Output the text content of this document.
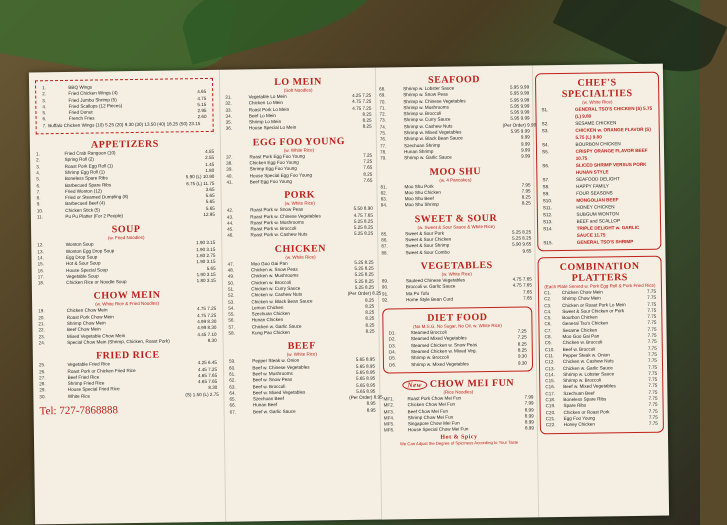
1.	BBQ Wings
2.	Fried Chicken Wings (4)	4.65
3.	Fried Jumbo Shrimp (5)	4.75
4.	Fried Scallops (12 Pieces)	5.15
5.	Fried Donut	2.95
6.	French Fries	2.60
7. Buffalo Chicken Wings (10) 5.25 (20) 9.30 (30) 13.50 (40) 18.25 (50) 23.15
APPETIZERS
1.	Fried Crab Rangoon (10)	4.55
2.	Spring Roll (2)	2.55
3.	Roast Pork Egg Roll (1)	1.45
4.	Shrimp Egg Roll (1)	1.80
5.	Boneless Spare Ribs	5.90 (L) 10.90
6.	Barbecued Spare Ribs	6.75 (L) 11.75
7.	Fried Wonton (12)	3.65
8.	Fried or Steamed Dumpling (8)	5.65
9.	Barbecued Beef (4)	5.65
10.	Chicken Stick (5)	5.65
11.	Pu Pu Platter (For 2 People)	12.95
SOUP
(w. Fried Noodles)
12.	Wonton Soup	1.90 3.15
13.	Wonton Egg Drop Soup	1.90 3.15
14.	Egg Drop Soup	1.60 2.75
15.	Hot & Sour Soup	1.90 3.15
16.	House Special Soup	5.65
17.	Vegetable Soup	1.90 3.15
18.	Chicken Rice or Noodle Soup	1.80 3.15
CHOW MEIN
(w. White Rice & Fried Noodles)
19.	Chicken Chow Mein	4.75 7.25
20.	Roast Pork Chow Mein	4.75 7.25
21.	Shrimp Chow Mein	4.99 8.30
22.	Beef Chow Mein	4.99 8.30
23.	Mixed Vegetable Chow Mein	4.45 7.10
24.	Special Chow Mein (Shrimp, Chicken, Roast Pork)	8.30
FRIED RICE
25.	Vegetable Fried Rice	4.25 6.45
26.	Roast Pork or Chicken Fried Rice	4.45 7.25
27.	Beef Fried Rice	4.65 7.65
28.	Shrimp Fried Rice	4.65 7.65
29.	House Special Fried Rice	8.30
30.	White Rice	(S) 1.50 (L) 2.75
Tel: 727-7868888
LO MEIN
(Soft Noodles)
31.	Vegetable Lo Mein	4.25 7.25
32.	Chicken Lo Mein	4.75 7.25
33.	Roast Pork Lo Mein	4.75 7.25
34.	Beef Lo Mein	8.25
35.	Shrimp Lo Mein	8.25
36.	House Special Lo Mein	8.25
EGG FOO YOUNG
(w. White Rice)
37.	Roast Pork Egg Foo Young	7.25
38.	Chicken Egg Foo Young	7.25
39.	Shrimp Egg Foo Young	7.65
40.	House Special Egg Foo Young	8.25
41.	Beef Egg Foo Young	7.65
PORK
(w. White Rice)
42.	Roast Pork w. Snow Peas	5.50 8.90
43.	Roast Pork w. Chinese Vegetables	4.75 7.65
44.	Roast Pork w. Mushrooms	5.25 8.25
45.	Roast Pork w. Broccoli	5.25 8.25
46.	Roast Pork w. Cashew Nuts	5.25 8.25
CHICKEN
(w. White Rice)
47.	Moo Goo Gai Pan	5.25 8.25
48.	Chicken w. Snow Peas	5.25 8.25
49.	Chicken w. Mushrooms	5.25 8.25
50.	Chicken w. Broccoli	5.25 8.25
51.	Chicken w. Curry Sauce	5.25 8.25
52.	Chicken w. Cashew Nuts	(Per Order) 8.25
53.	Chicken w. Black Bean Sauce	8.25
54.	Lemon Chicken	8.25
55.	Szechuan Chicken	8.25
56.	Hunan Chicken	8.25
57.	Chicken w. Garlic Sauce	8.25
58.	Kung Pao Chicken	8.25
BEEF
(w. White Rice)
59.	Pepper Steak w. Onion	5.65 8.95
60.	Beef w. Chinese Vegetables	5.65 8.95
61.	Beef w. Mushrooms	5.65 8.95
62.	Beef w. Snow Peas	5.65 8.95
63.	Beef w. Broccoli	5.65 8.95
64.	Beef w. Mixed Vegetables	5.65 8.95
65.	Szechuan Beef	(Per Order) 8.95
66.	Hunan Beef	8.95
67.	Beef w. Garlic Sauce	8.95
SEAFOOD
68.	Shrimp w. Lobster Sauce	5.95 9.99
69.	Shrimp w. Snow Peas	5.95 9.99
70.	Shrimp w. Chinese Vegetables	5.95 9.99
71.	Shrimp w. Mushrooms	5.95 9.99
72.	Shrimp w. Broccoli	5.95 9.99
73.	Shrimp w. Curry Sauce	5.95 9.99
74.	Shrimp w. Cashew Nuts	(Per Order) 9.99
75.	Shrimp w. Mixed Vegetables	5.95 9.99
76.	Shrimp w. Black Bean Sauce	9.99
77.	Szechuan Shrimp	9.99
78.	Hunan Shrimp	9.99
79.	Shrimp w. Garlic Sauce	9.99
MOO SHU
(w. 4 Pancakes)
81.	Moo Shu Pork	7.95
82.	Moo Shu Chicken	7.95
83.	Moo Shu Beef	8.25
84.	Moo Shu Shrimp	8.25
SWEET & SOUR
(w. Sweet & Sour Sauce & White Rice)
85.	Sweet & Sour Pork	5.25 8.25
86.	Sweet & Sour Chicken	5.25 8.25
87.	Sweet & Sour Shrimp	5.90 9.65
88.	Sweet & Sour Combo	9.65
VEGETABLES
(w. White Rice)
89.	Sauteed Chinese Vegetables	4.75 7.65
90.	Broccoli w. Garlic Sauce	4.75 7.65
91.	Ma Po Tofu	7.65
92.	Home Style Bean Curd	7.65
DIET FOOD
(No M.S.G. No Sugar, No Oil, w. White Rice)
D1.	Steamed Broccoli	7.25
D2.	Steamed Mixed Vegetables	7.25
D3.	Steamed Chicken w. Snow Peas	8.25
D4.	Steamed Chicken w. Mixed Veg.	8.25
D5.	Shrimp w. Broccoli	9.30
D6.	Shrimp w. Mixed Vegetables	9.30
New CHOW MEI FUN
(Rice Noodles)
MF1.	Roast Pork Chow Mei Fun	7.99
MF2.	Chicken Chow Mei Fun	7.99
MF3.	Beef Chow Mei Fun	8.99
MF4.	Shrimp Chow Mei Fun	8.99
MF5.	Singapore Chow Mei Fun	8.99
MF6.	House Special Chow Mei Fun	8.99
Hot & Spicy
We Can Adjust the Degree of Spiciness According to Your Taste
CHEF'S SPECIALTIES
(w. White Rice)
S1.	GENERAL TSO'S CHICKEN (S) 5.75 (L) 9.80
S2.	SESAME CHICKEN
S3.	CHICKEN w. ORANGE FLAVOR (S) 5.75 (L) 9.80
S4.	BOURBON CHICKEN
S5.	CRISPY ORANGE FLAVOR BEEF 10.75
S6.	SLICED SHRIMP VERSUS PORK HUNAN STYLE
S7.	SEAFOOD DELIGHT
S8.	HAPPY FAMILY
S9.	FOUR SEASONS
S10.	MONGOLIAN BEEF
S11.	HONEY CHICKEN
S12.	SUBGUM WONTON
S13.	BEEF and SCALLOP
S14.	TRIPLE DELIGHT w. GARLIC SAUCE 11.75
S15.	GENERAL TSO'S SHRIMP
COMBINATION PLATTERS
(Each Plate Served w. Pork Egg Roll & Pork Fried Rice)
C1.	Chicken Chow Mein	7.75
C2.	Shrimp Chow Mein	7.75
C3.	Chicken or Roast Pork Lo Mein	7.75
C4.	Sweet & Sour Chicken or Pork	7.75
C5.	Bourbon Chicken	7.75
C6.	General Tso's Chicken	7.75
C7.	Sesame Chicken	7.75
C8.	Moo Goo Gai Pan	7.75
C9.	Chicken w. Broccoli	7.75
C10.	Beef w. Broccoli	7.75
C11.	Pepper Steak w. Onion	7.75
C12.	Chicken w. Cashew Nuts	7.75
C13.	Chicken w. Garlic Sauce	7.75
C14.	Shrimp w. Lobster Sauce	7.75
C15.	Shrimp w. Broccoli	7.75
C16.	Beef w. Mixed Vegetables	7.75
C17.	Szechuan Beef	7.75
C18.	Boneless Spare Ribs	7.75
C19.	Spare Ribs	7.75
C20.	Chicken or Roast Pork	7.75
C21.	Egg Foo Young	7.75
C22.	Honey Chicken	7.75
